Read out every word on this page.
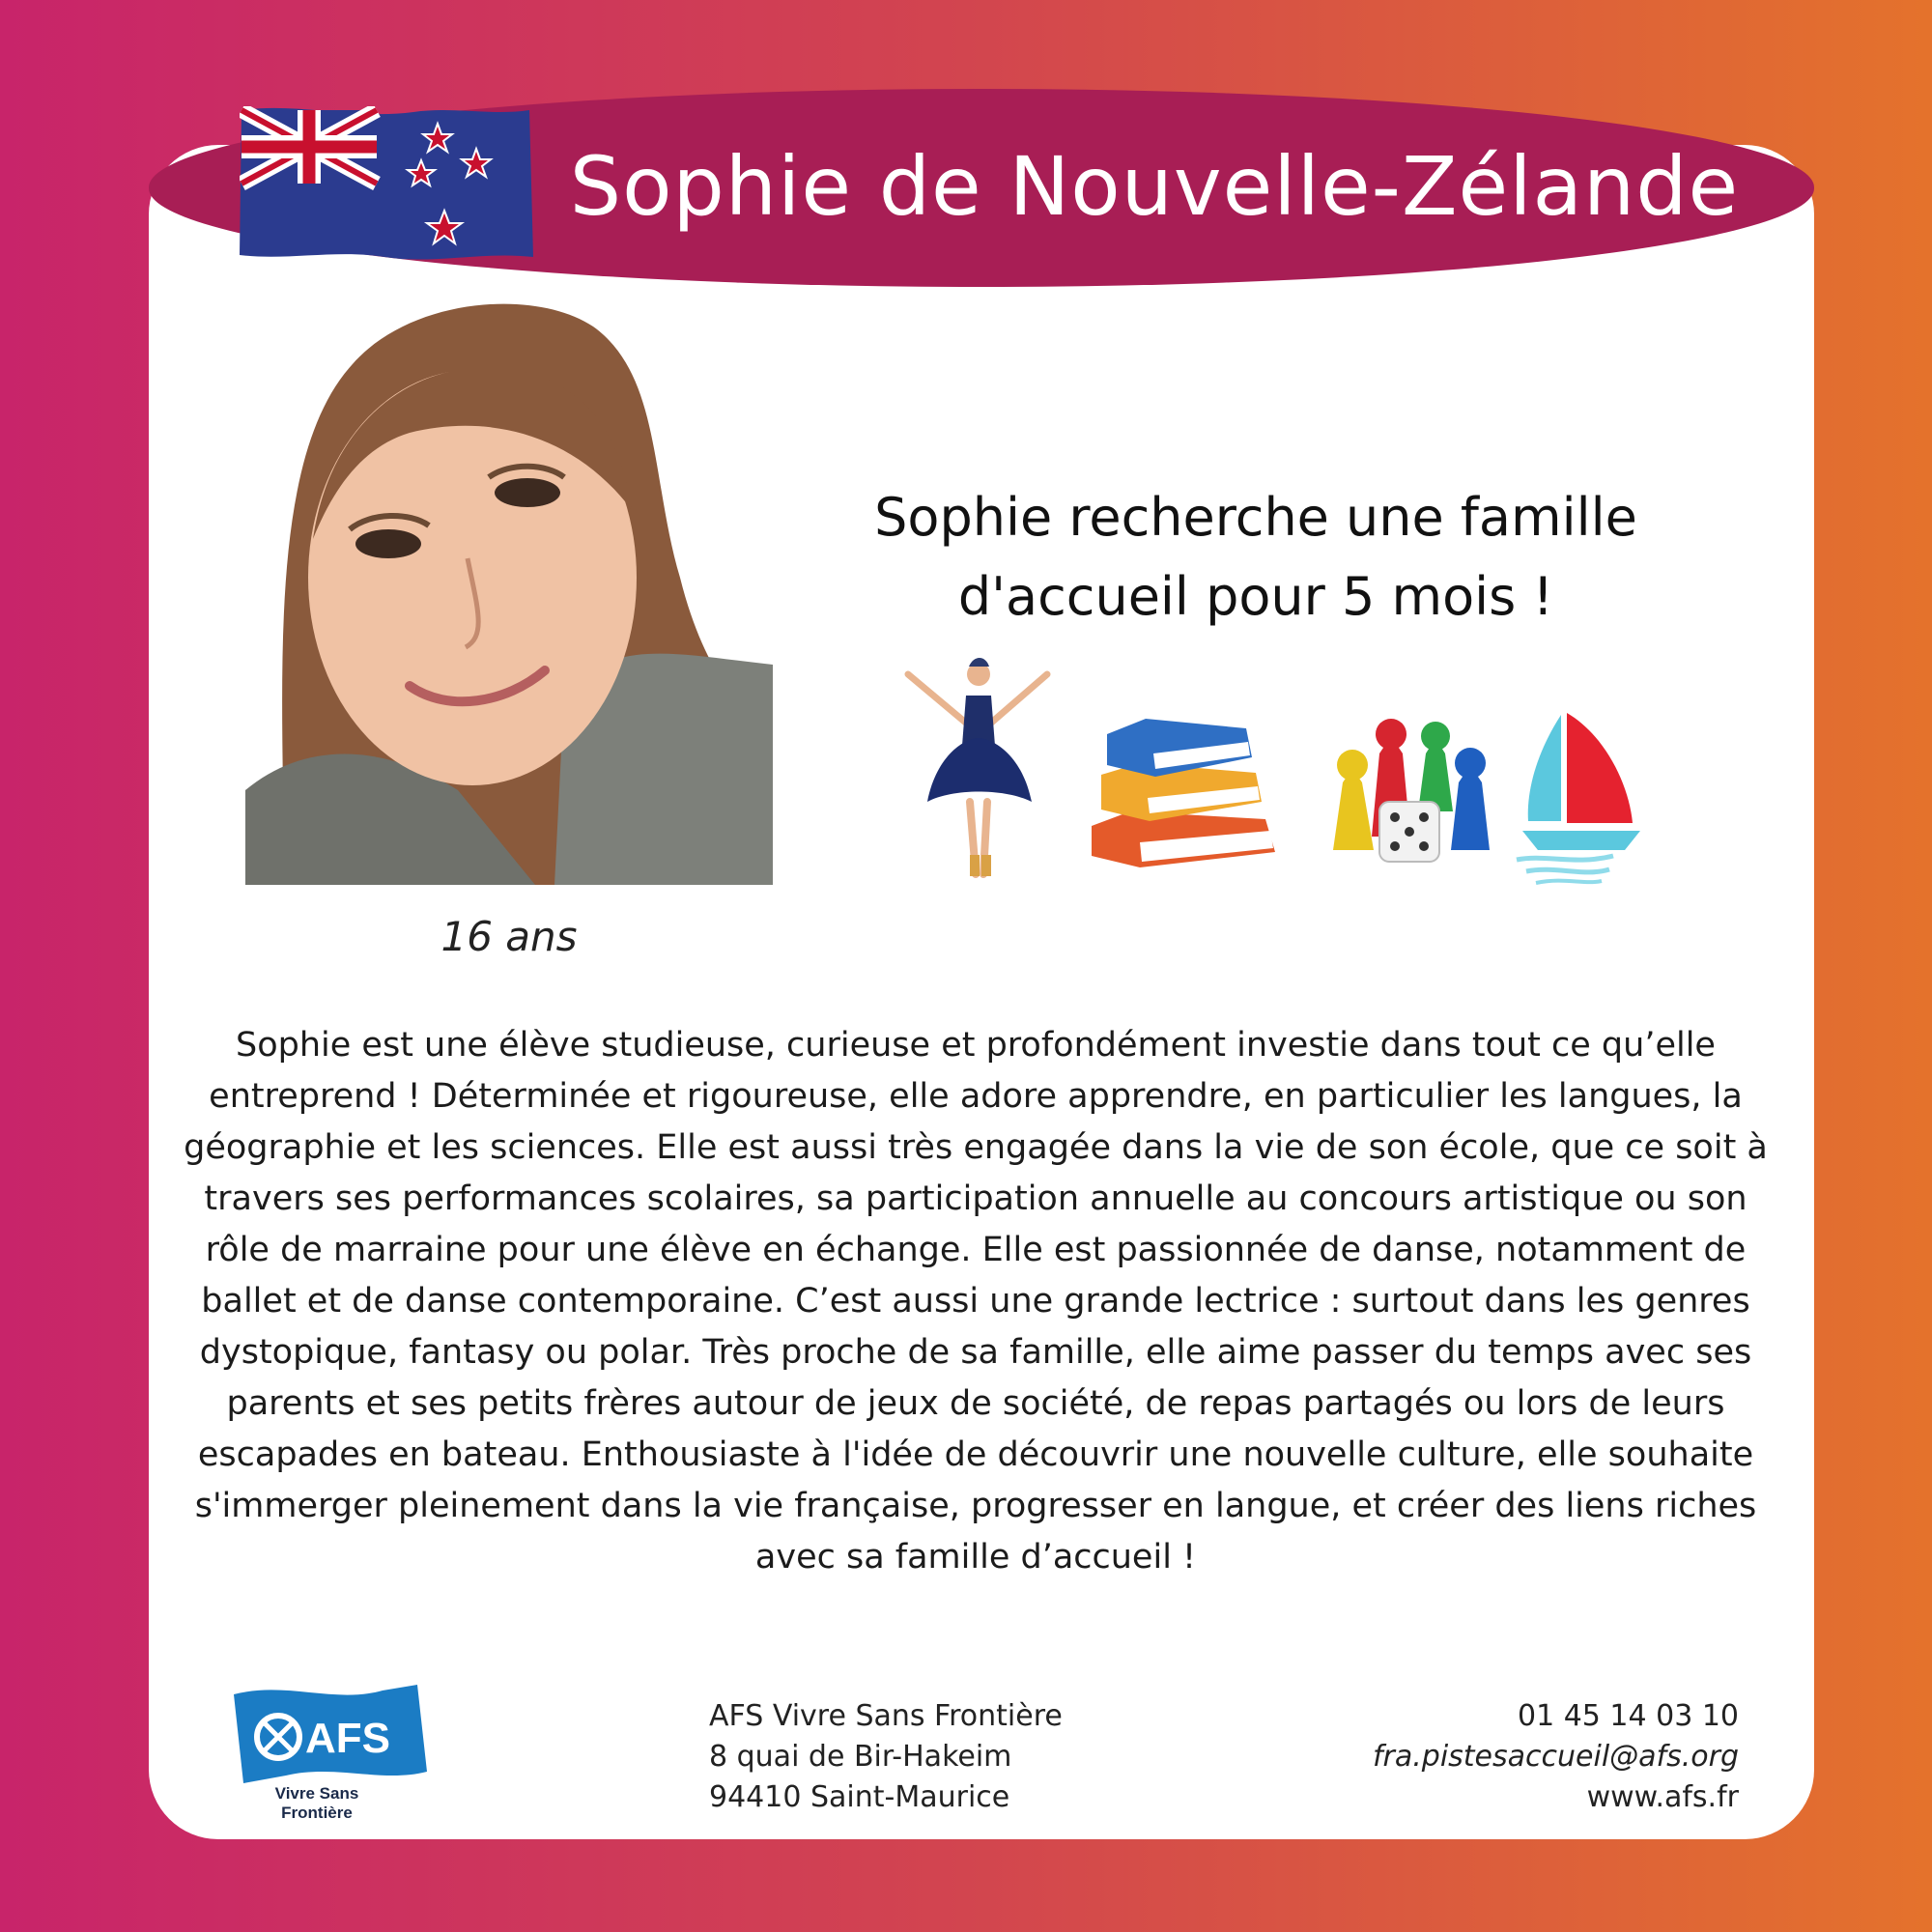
Sophie de Nouvelle-Zélande
16 ans
Sophie recherche une famille
d'accueil pour 5 mois !
Sophie est une élève studieuse, curieuse et profondément investie dans tout ce qu’elle entreprend ! Déterminée et rigoureuse, elle adore apprendre, en particulier les langues, la géographie et les sciences. Elle est aussi très engagée dans la vie de son école, que ce soit à travers ses performances scolaires, sa participation annuelle au concours artistique ou son rôle de marraine pour une élève en échange. Elle est passionnée de danse, notamment de ballet et de danse contemporaine. C’est aussi une grande lectrice : surtout dans les genres dystopique, fantasy ou polar. Très proche de sa famille, elle aime passer du temps avec ses parents et ses petits frères autour de jeux de société, de repas partagés ou lors de leurs escapades en bateau. Enthousiaste à l'idée de découvrir une nouvelle culture, elle souhaite s'immerger pleinement dans la vie française, progresser en langue, et créer des liens riches avec sa famille d’accueil !
AFS
Vivre Sans
Frontière
AFS Vivre Sans Frontière
8 quai de Bir-Hakeim
94410 Saint-Maurice
01 45 14 03 10
fra.pistesaccueil@afs.org
www.afs.fr
